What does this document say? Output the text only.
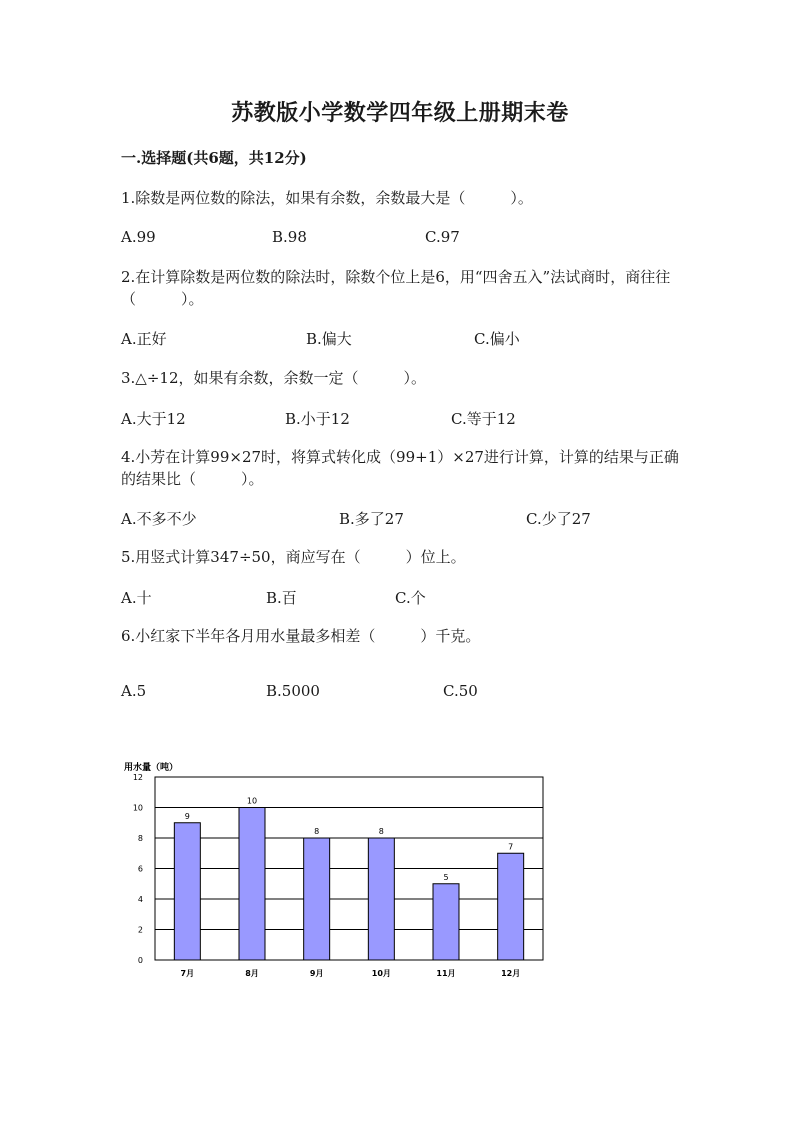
苏教版小学数学四年级上册期末卷
一.选择题(共6题，共12分)
1.除数是两位数的除法，如果有余数，余数最大是（　　　）。
A.99	B.98	C.97
2.在计算除数是两位数的除法时，除数个位上是6，用“四舍五入”法试商时，商往往（　　　）。
A.正好	B.偏大	C.偏小
3.△÷12，如果有余数，余数一定（　　　）。
A.大于12	B.小于12	C.等于12
4.小芳在计算99×27时，将算式转化成（99+1）×27进行计算，计算的结果与正确的结果比（　　　）。
A.不多不少	B.多了27	C.少了27
5.用竖式计算347÷50，商应写在（　　　）位上。
A.十	B.百	C.个
6.小红家下半年各月用水量最多相差（　　　）千克。
A.5	B.5000	C.50
用水量（吨）
0
2
4
6
8
10
12
9
7月
10
8月
8
9月
8
10月
5
11月
7
12月
